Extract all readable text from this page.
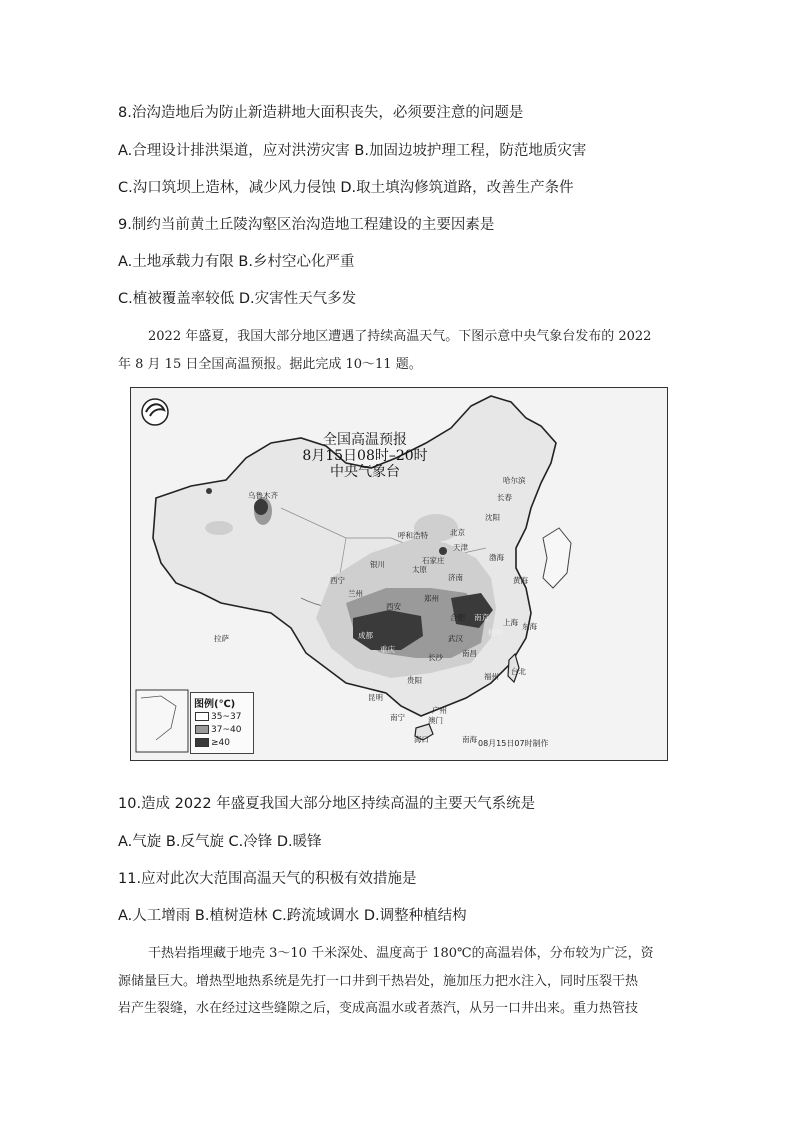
8.治沟造地后为防止新造耕地大面积丧失，必须要注意的问题是
A.合理设计排洪渠道，应对洪涝灾害 B.加固边坡护理工程，防范地质灾害
C.沟口筑坝上造林，减少风力侵蚀 D.取土填沟修筑道路，改善生产条件
9.制约当前黄土丘陵沟壑区治沟造地工程建设的主要因素是
A.土地承载力有限 B.乡村空心化严重
C.植被覆盖率较低 D.灾害性天气多发
2022 年盛夏，我国大部分地区遭遇了持续高温天气。下图示意中央气象台发布的 2022
年 8 月 15 日全国高温预报。据此完成 10～11 题。
全国高温预报
8月15日08时–20时
中央气象台
乌鲁木齐
哈尔滨
长春
沈阳
北京
天津
呼和浩特
石家庄
太原
济南
银川
西宁
兰州
郑州
西安
合肥 南京
上海
杭州
武汉
成都
重庆
长沙	南昌
福州
台北
贵阳
昆明
南宁
广州
澳门
海口
拉萨
黄海
东海
南海
渤海
图例(℃)
35~37
37~40
≥40	08月15日07时制作
10.造成 2022 年盛夏我国大部分地区持续高温的主要天气系统是
A.气旋 B.反气旋 C.冷锋 D.暖锋
11.应对此次大范围高温天气的积极有效措施是
A.人工增雨 B.植树造林 C.跨流域调水 D.调整种植结构
干热岩指埋藏于地壳 3～10 千米深处、温度高于 180℃的高温岩体，分布较为广泛，资
源储量巨大。增热型地热系统是先打一口井到干热岩处，施加压力把水注入，同时压裂干热
岩产生裂缝，水在经过这些缝隙之后，变成高温水或者蒸汽，从另一口井出来。重力热管技
